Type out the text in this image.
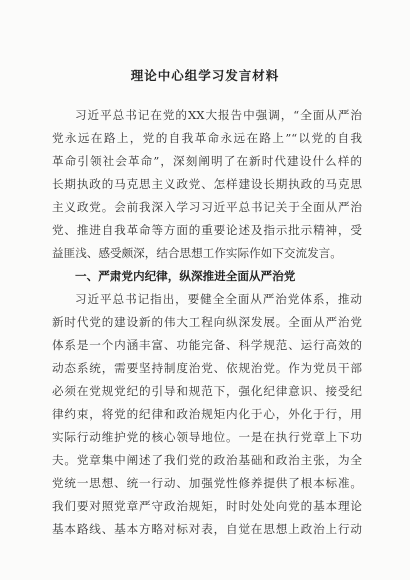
理论中心组学习发言材料
习近平总书记在党的XX大报告中强调，“全面从严治
党永远在路上，党的自我革命永远在路上”“以党的自我
革命引领社会革命”，深刻阐明了在新时代建设什么样的
长期执政的马克思主义政党、怎样建设长期执政的马克思
主义政党。会前我深入学习习近平总书记关于全面从严治
党、推进自我革命等方面的重要论述及指示批示精神，受
益匪浅、感受颇深，结合思想工作实际作如下交流发言。
一、严肃党内纪律，纵深推进全面从严治党
习近平总书记指出，要健全全面从严治党体系，推动
新时代党的建设新的伟大工程向纵深发展。全面从严治党
体系是一个内涵丰富、功能完备、科学规范、运行高效的
动态系统，需要坚持制度治党、依规治党。作为党员干部
必须在党规党纪的引导和规范下，强化纪律意识、接受纪
律约束，将党的纪律和政治规矩内化于心，外化于行，用
实际行动维护党的核心领导地位。一是在执行党章上下功
夫。党章集中阐述了我们党的政治基础和政治主张，为全
党统一思想、统一行动、加强党性修养提供了根本标准。
我们要对照党章严守政治规矩，时时处处向党的基本理论
基本路线、基本方略对标对表，自觉在思想上政治上行动
